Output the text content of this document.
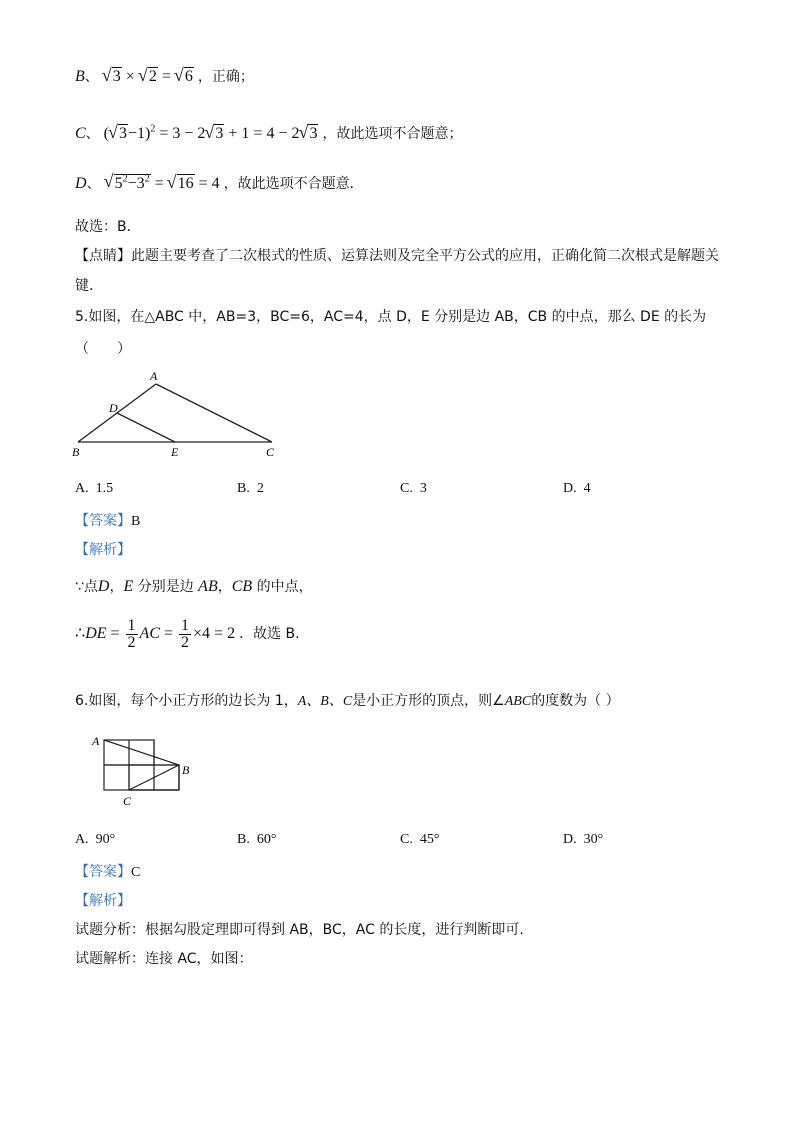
B、 √ 3 × √ 2 = √ 6 ，正确；
C、 ( √ 3−1)$^2$ = 3 − 2 √ 3 + 1 = 4 − 2 √ 3 ，故此选项不合题意；
D、 √ $5^2-3^2$ = √ 16 = 4 ，故此选项不合题意．
故选：B．
【点睛】此题主要考查了二次根式的性质、运算法则及完全平方公式的应用，正确化简二次根式是解题关
键．
5.如图，在△ABC 中，AB=3，BC=6，AC=4，点 D，E 分别是边 AB，CB 的中点，那么 DE 的长为
（　　）
A
D
B	E	C
A. 1.5	B. 2	C. 3	D. 4
【答案】B
【解析】
∵点D，E 分别是边 AB，CB 的中点，
∴DE = $\frac{1}{2}$ AC = $\frac{1}{2} \times 4 = 2$ ．故选 B.
6.如图，每个小正方形的边长为 1，A、B、C是小正方形的顶点，则∠ABC的度数为（ ）
A
B
C
A. 90°	B. 60°	C. 45°	D. 30°
【答案】C
【解析】
试题分析：根据勾股定理即可得到 AB，BC，AC 的长度，进行判断即可.
试题解析：连接 AC，如图：
